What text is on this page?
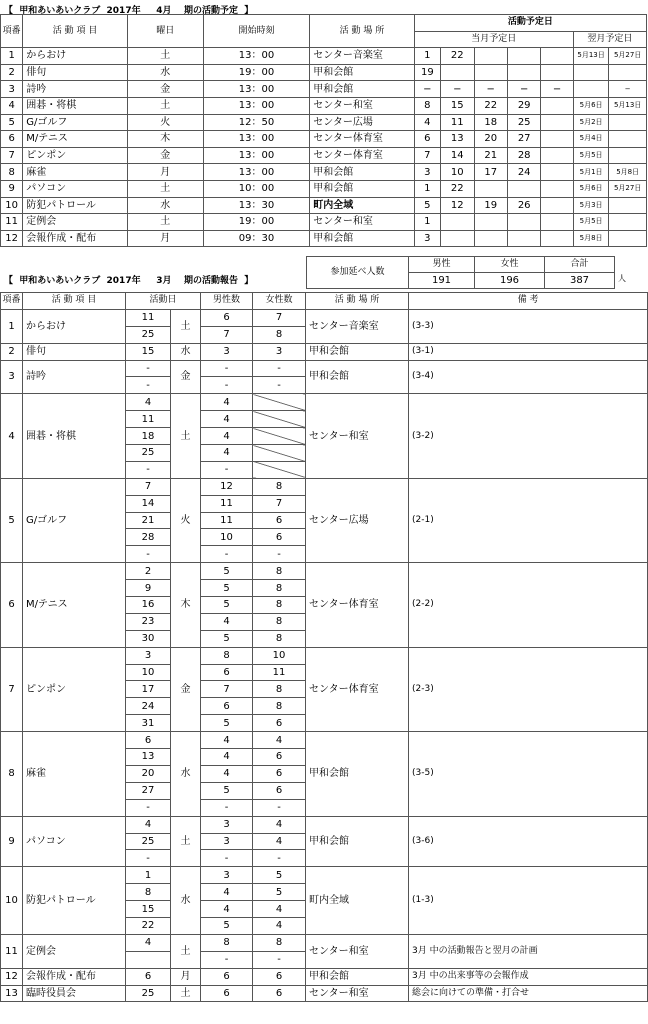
【  甲和あいあいクラブ  2017年     4月    期の活動予定  】
項番	活 動 項 目	曜日	開始時刻	活 動 場 所	活動予定日						
					当月予定日					翌月予定日	
1	からおけ	土	13：00	センター音楽室	1	22				5月13日	5月27日
2	俳句	水	19：00	甲和会館	19						
3	詩吟	金	13：00	甲和会館	−	−	−	−	−		−
4	囲碁・将棋	土	13：00	センター和室	8	15	22	29		5月6日	5月13日
5	G/ゴルフ	火	12：50	センター広場	4	11	18	25		5月2日	
6	M/テニス	木	13：00	センター体育室	6	13	20	27		5月4日	
7	ピンポン	金	13：00	センター体育室	7	14	21	28		5月5日	
8	麻雀	月	13：00	甲和会館	3	10	17	24		5月1日	5月8日
9	パソコン	土	10：00	甲和会館	1	22				5月6日	5月27日
10	防犯パトロール	水	13：30	町内全域	5	12	19	26		5月3日	
11	定例会	土	19：00	センター和室	1					5月5日	
12	会報作成・配布	月	09：30	甲和会館	3					5月8日	
参加延べ人数	男性	女性	合計
	191	196	387	人
【  甲和あいあいクラブ  2017年     3月    期の活動報告  】
項番	活 動 項 目	活動日		男性数	女性数	活 動 場 所	備 考
1	からおけ	11	土	6	7	センター音楽室	(3-3)
		25		7	8		
2	俳句	15	水	3	3	甲和会館	(3-1)
3	詩吟	-	金	-	-	甲和会館	(3-4)
		-		-	-		
4	囲碁・将棋	4	土	4		センター和室	(3-2)
		11		4			
		18		4			
		25		4			
		-		-			
5	G/ゴルフ	7	火	12	8	センター広場	(2-1)
		14		11	7		
		21		11	6		
		28		10	6		
		-		-	-		
6	M/テニス	2	木	5	8	センター体育室	(2-2)
		9		5	8		
		16		5	8		
		23		4	8		
		30		5	8		
7	ピンポン	3	金	8	10	センター体育室	(2-3)
		10		6	11		
		17		7	8		
		24		6	8		
		31		5	6		
8	麻雀	6	水	4	4	甲和会館	(3-5)
		13		4	6		
		20		4	6		
		27		5	6		
		-		-	-		
9	パソコン	4	土	3	4	甲和会館	(3-6)
		25		3	4		
		-		-	-		
10	防犯パトロール	1	水	3	5	町内全域	(1-3)
		8		4	5		
		15		4	4		
		22		5	4		
11	定例会	4	土	8	8	センター和室	3月 中の活動報告と翌月の計画
				-	-		
12	会報作成・配布	6	月	6	6	甲和会館	3月 中の出来事等の会報作成
13	臨時役員会	25	土	6	6	センター和室	総会に向けての準備・打合せ
